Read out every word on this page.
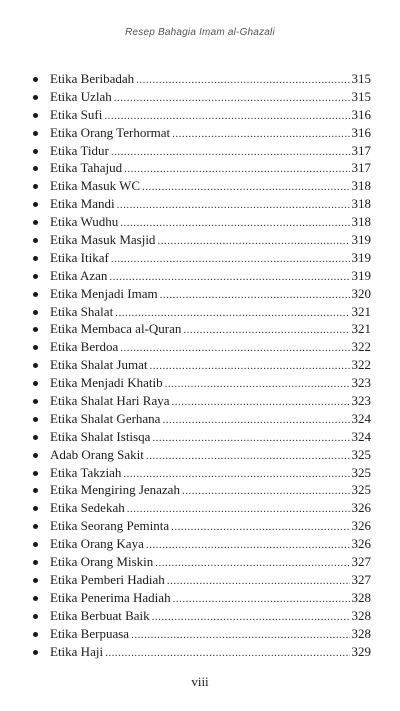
Resep Bahagia Imam al-Ghazali
Etika Beribadah .....	315
Etika Uzlah .....	315
Etika Sufi .....	316
Etika Orang Terhormat .....	316
Etika Tidur .....	317
Etika Tahajud .....	317
Etika Masuk WC .....	318
Etika Mandi .....	318
Etika Wudhu .....	318
Etika Masuk Masjid .....	319
Etika Itikaf .....	319
Etika Azan .....	319
Etika Menjadi Imam .....	320
Etika Shalat .....	321
Etika Membaca al-Quran .....	321
Etika Berdoa .....	322
Etika Shalat Jumat .....	322
Etika Menjadi Khatib .....	323
Etika Shalat Hari Raya .....	323
Etika Shalat Gerhana .....	324
Etika Shalat Istisqa .....	324
Adab Orang Sakit .....	325
Etika Takziah .....	325
Etika Mengiring Jenazah .....	325
Etika Sedekah .....	326
Etika Seorang Peminta .....	326
Etika Orang Kaya .....	326
Etika Orang Miskin .....	327
Etika Pemberi Hadiah .....	327
Etika Penerima Hadiah .....	328
Etika Berbuat Baik .....	328
Etika Berpuasa .....	328
Etika Haji .....	329
viii
